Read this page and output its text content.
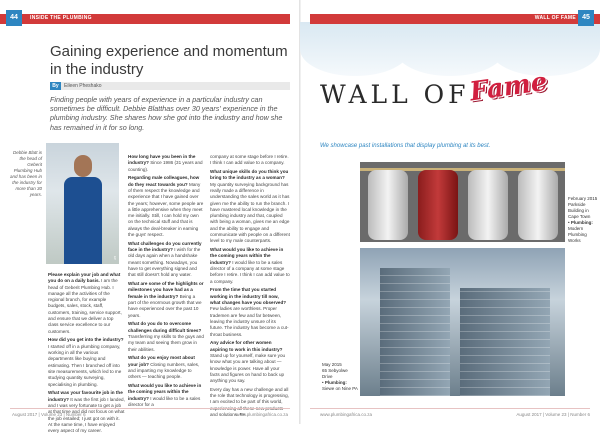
44	INSIDE THE PLUMBING
Gaining experience and momentum in the industry
By	Eileen Pheshako
Finding people with years of experience in a particular industry can sometimes be difficult. Debbie Blatthas over 30 years' experience in the plumbing industry. She shares how she got into the industry and how she has remained in it for so long.
EP
Debbie Blatt is the head of Geberit Plumbing Hub and has been in the industry for more than 30 years.

Please explain your job and what you do on a daily basis. I am the head of Geberit Plumbing Hub. I manage all the activities of the regional branch, for example budgets, sales, stock, staff, customers, training, service support, and ensure that we deliver a top class service excellence to our customers.

How did you get into the industry? I started off in a plumbing company, working in all the various departments like buying and estimating. Then I branched off into site measurements, which led to me studying quantity surveying, specialising in plumbing.

What was your favourite job in the industry? It was the first job I landed, and I was very fortunate to get a job at that time and did not focus on what the job entailed; I just got on with it. At the same time, I have enjoyed every aspect of my career.

How long have you been in the industry? Since 1986 (31 years and counting).

Regarding male colleagues, how do they react towards you? Many of them respect the knowledge and experience that I have gained over the years; however, some people are a little apprehensive when they meet me initially. Still, I can hold my own on the technical stuff and that is always the deal-breaker in earning the guys' respect.

What challenges do you currently face in the industry? I wish for the old days again when a handshake meant something. Nowadays, you have to get everything signed and that still doesn't hold any water.

What are some of the highlights or milestones you have had as a female in the industry? Being a part of the enormous growth that we have experienced over the past 10 years.

What do you do to overcome challenges during difficult times? Transferring my skills to the guys and my team and seeing them grow in their abilities.

What do you enjoy most about your job? Closing numbers, sales, and imparting my knowledge to others — teaching people.

What would you like to achieve in the coming years within the industry? I would like to be a sales director for a

company at some stage before I retire. I think I can add value to a company.

What unique skills do you think you bring to the industry as a woman? My quantity surveying background has really made a difference in understanding the sales world as it has given me the ability to run the branch. I have mastered local knowledge in the plumbing industry and that, coupled with being a woman, gives me an edge and the ability to engage and communicate with people on a different level to my male counterparts.

What would you like to achieve in the coming years within the industry? I would like to be a sales director of a company at some stage before I retire. I think I can add value to a company.

From the time that you started working in the industry till now, what changes have you observed? Few ladies are worthless. Proper trademen are few and far between, leaving the industry unsure of its future. The industry has become a cut-throat business.

Any advice for other women aspiring to work in this industry? Stand up for yourself, make sure you know what you are talking about — knowledge is power. Have all your facts and figures on hand to back up anything you say.

Every day has a new challenge and all the role that technology is progressing, I am excited to be part of this world, and solutions. PA

August 2017 | Volume 23 | Number 6	www.plumbingafrica.co.za
WALL OF FAME 45
WALL OF
Fame
We showcase past installations that display plumbing at its best.
February 2015
Parkside Building in Cape Town
• Plumbing: Modern Plumbing Works
May 2015
65 Sebyolwe Drive
• Plumbing: Siewe on Nine PA
www.plumbingafrica.co.za	August 2017 | Volume 23 | Number 6
